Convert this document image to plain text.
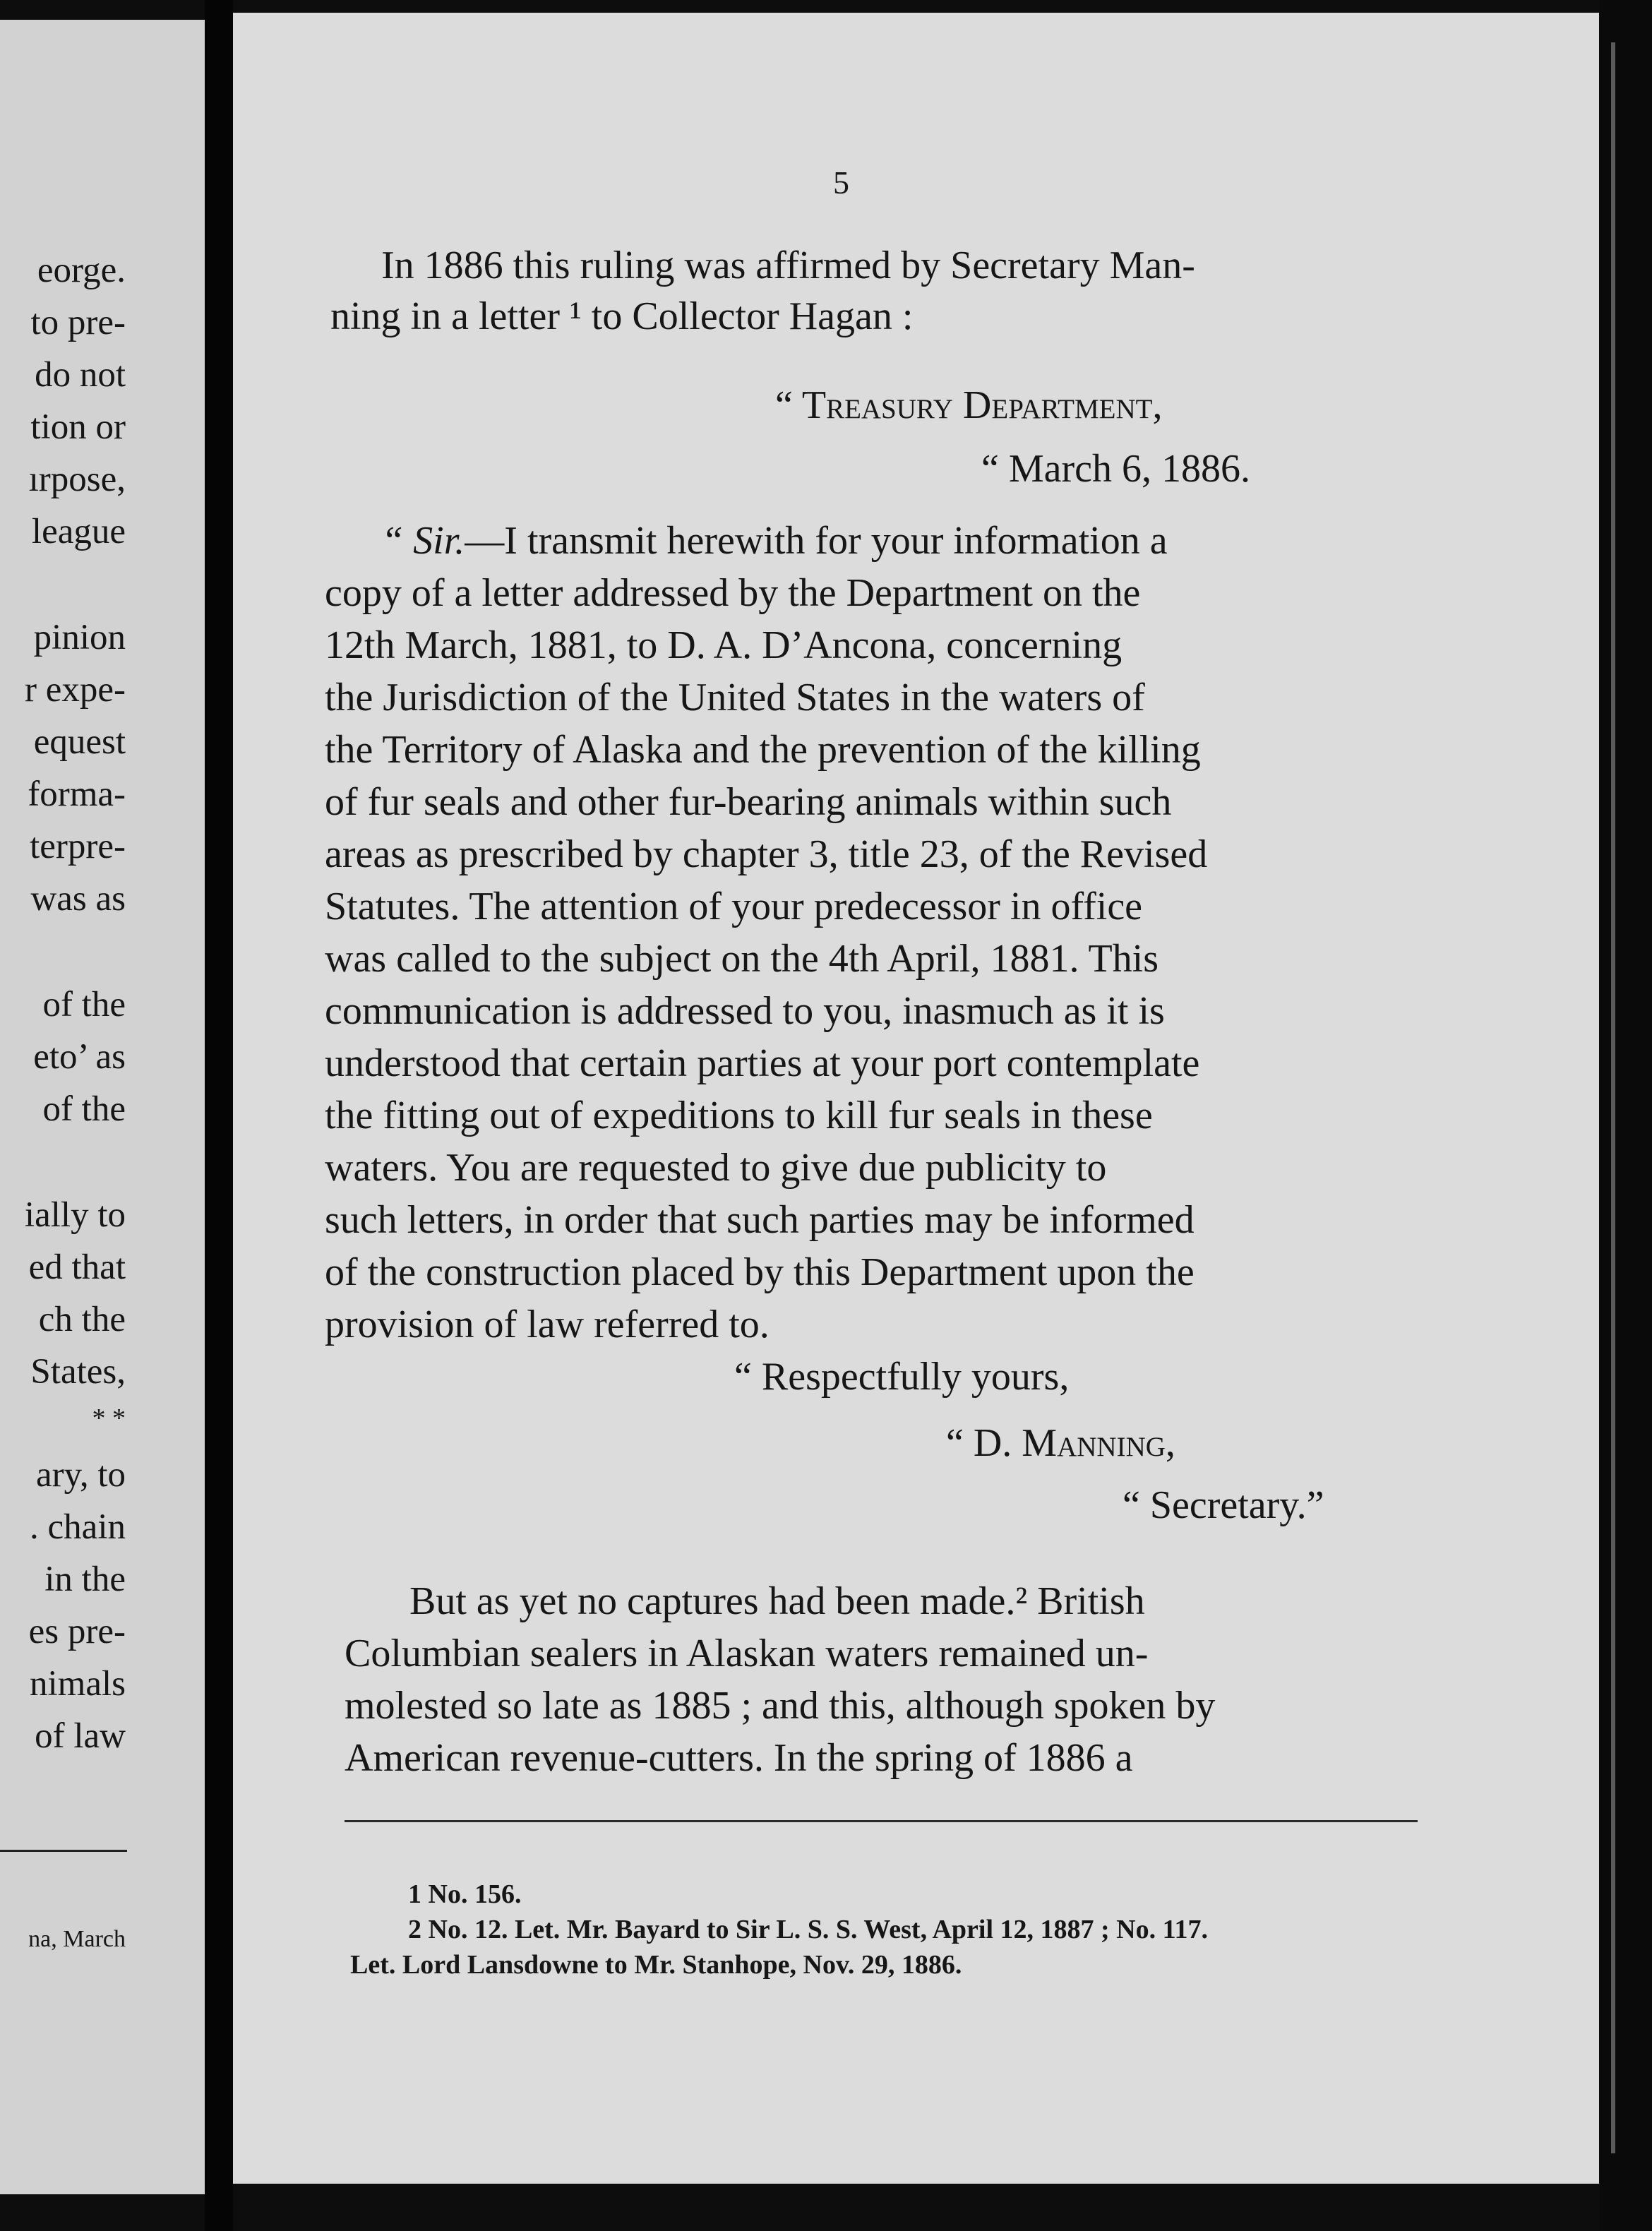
eorge.
to pre-
do not
tion or
ırpose,
league
pinion
r expe-
equest
forma-
terpre-
was as
of the
eto’ as
of the
ially to
ed that
ch the
States,
* *
ary, to
. chain
in the
es pre-
nimals
of law
na, March
5
In 1886 this ruling was affirmed by Secretary Man-
ning in a letter ¹ to Collector Hagan :
“ Treasury Department,
“ March 6, 1886.
“ Sir.—I transmit herewith for your information a
copy of a letter addressed by the Department on the
12th March, 1881, to D. A. D’Ancona, concerning
the Jurisdiction of the United States in the waters of
the Territory of Alaska and the prevention of the killing
of fur seals and other fur-bearing animals within such
areas as prescribed by chapter 3, title 23, of the Revised
Statutes. The attention of your predecessor in office
was called to the subject on the 4th April, 1881. This
communication is addressed to you, inasmuch as it is
understood that certain parties at your port contemplate
the fitting out of expeditions to kill fur seals in these
waters. You are requested to give due publicity to
such letters, in order that such parties may be informed
of the construction placed by this Department upon the
provision of law referred to.
“ Respectfully yours,
“ D. Manning,
“ Secretary.”
But as yet no captures had been made.² British
Columbian sealers in Alaskan waters remained un-
molested so late as 1885 ; and this, although spoken by
American revenue-cutters. In the spring of 1886 a
1 No. 156.
2 No. 12. Let. Mr. Bayard to Sir L. S. S. West, April 12, 1887 ; No. 117.
Let. Lord Lansdowne to Mr. Stanhope, Nov. 29, 1886.
